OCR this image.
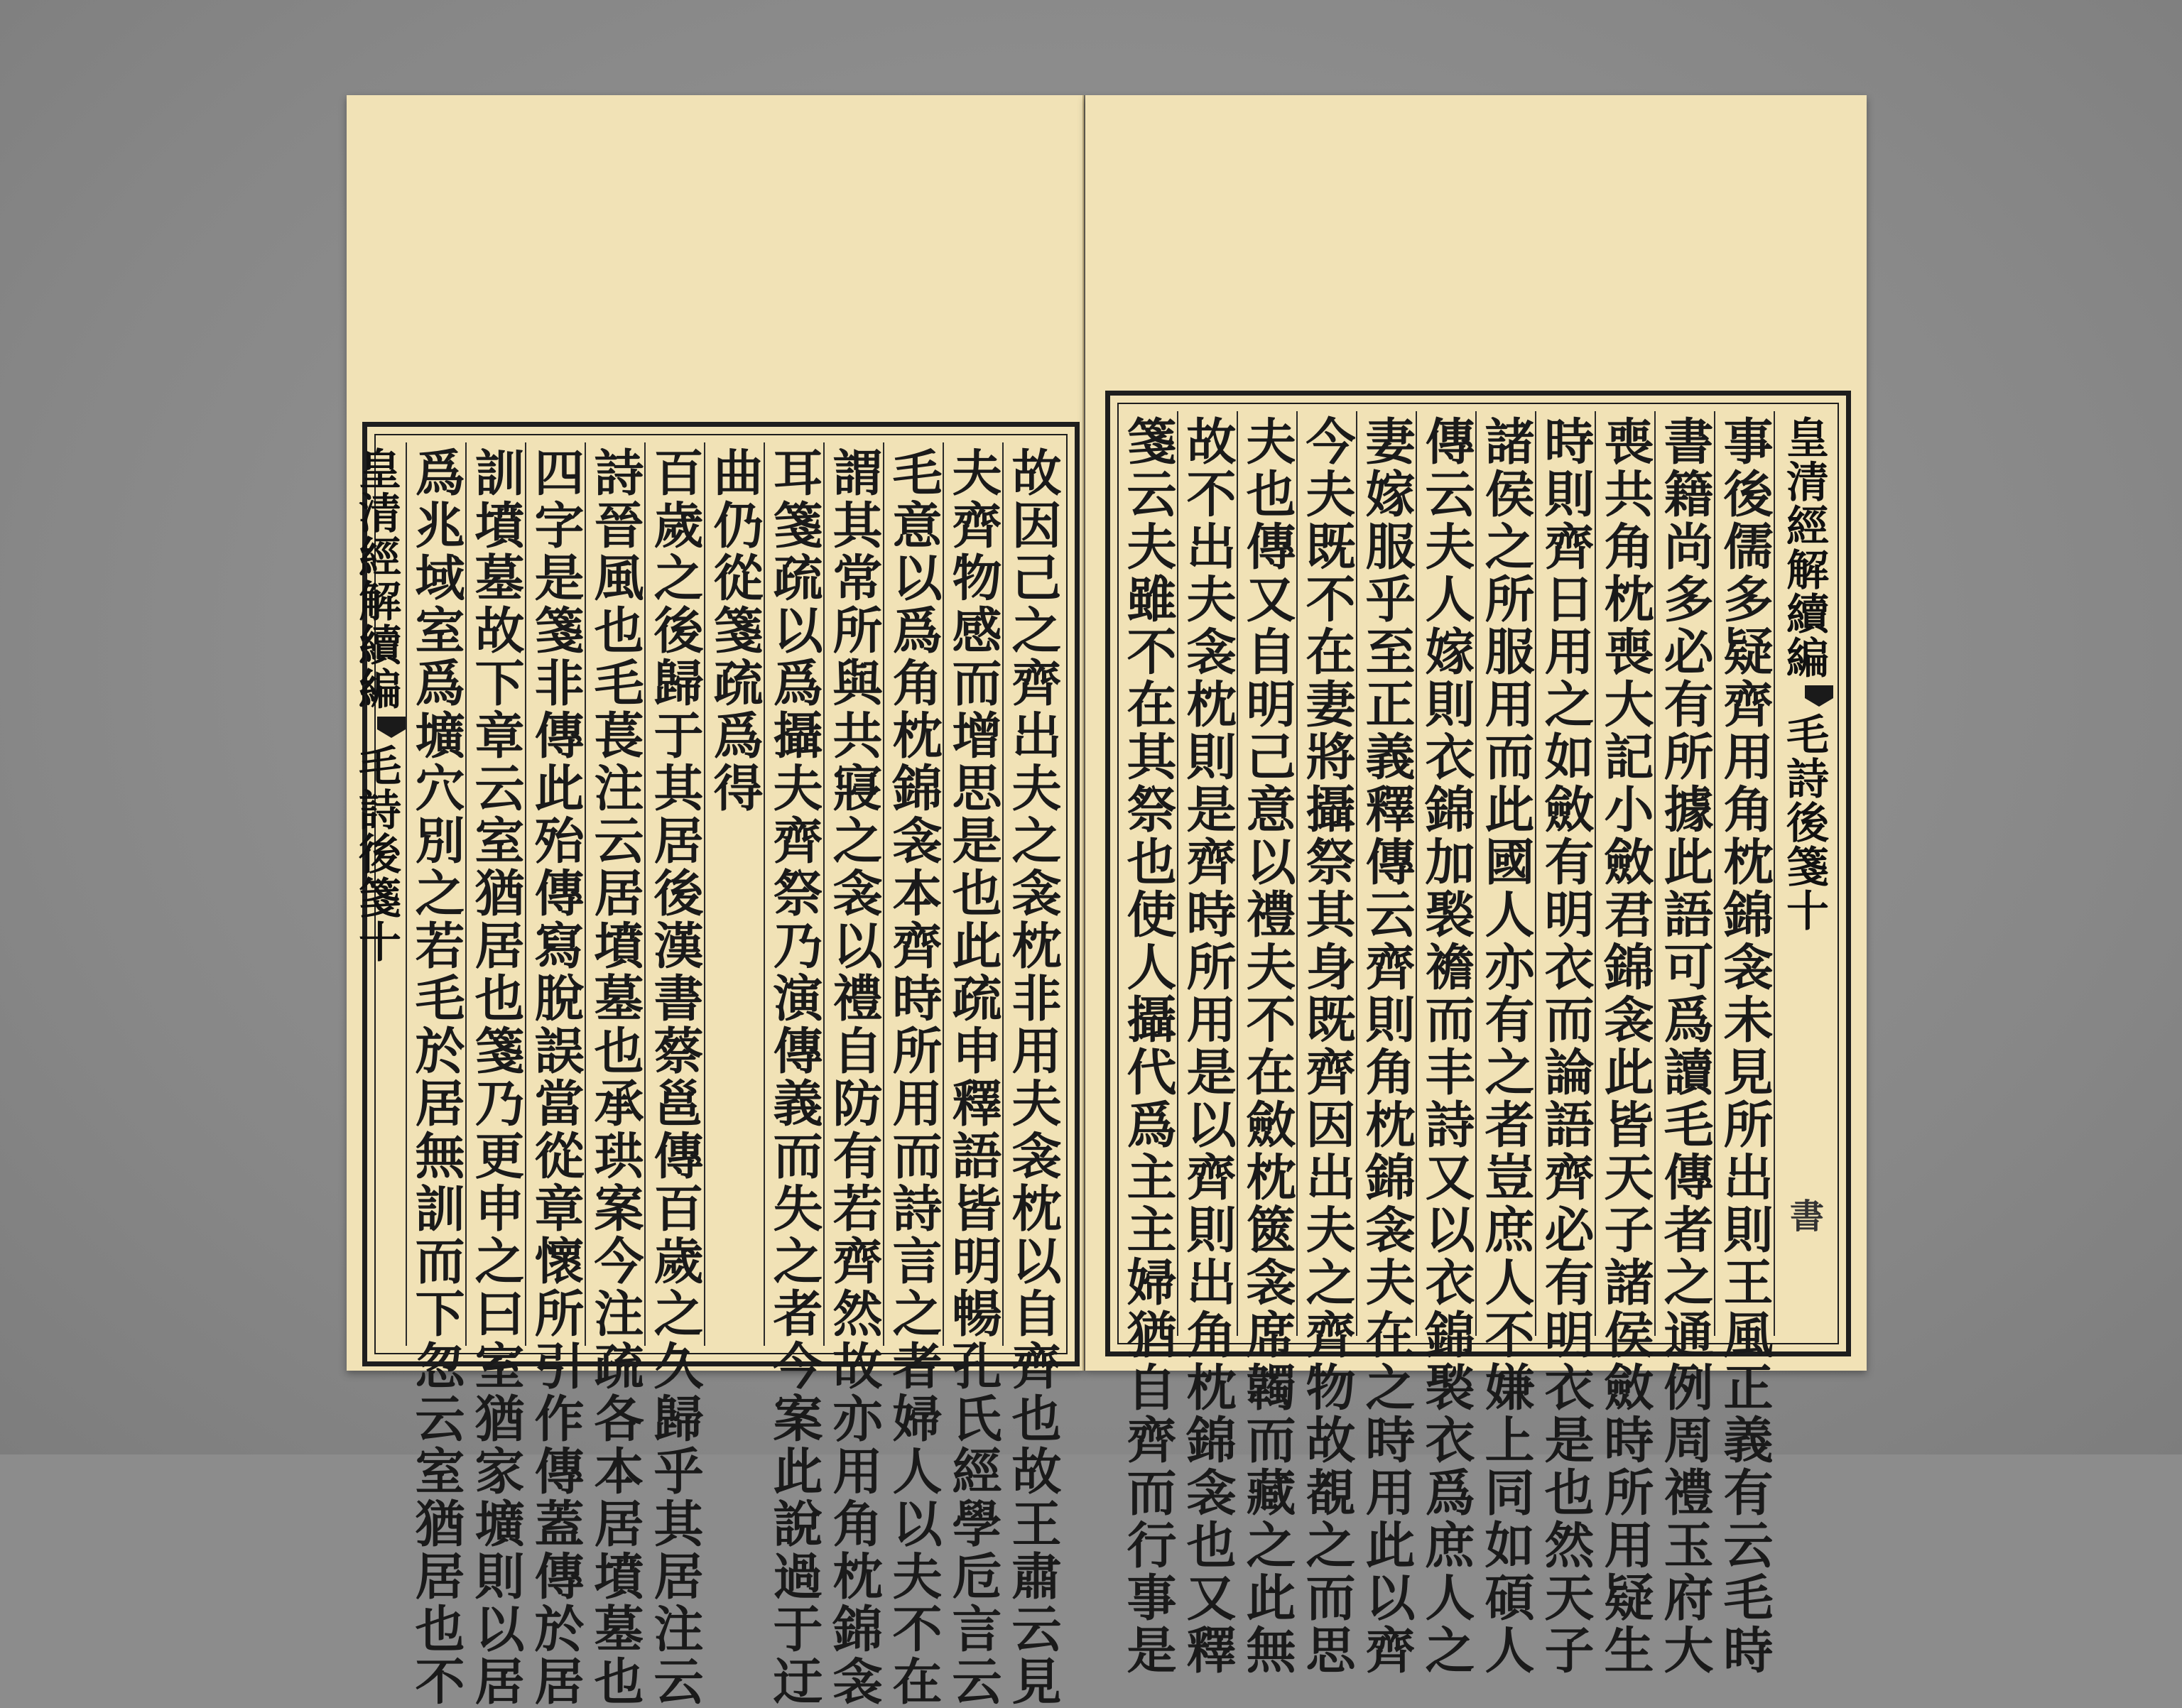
故因己之齊出夫之衾枕非用夫衾枕以自齊也故王肅云見
夫齊物感而增思是也此疏申釋語皆明暢孔氏經學卮言云
毛意以爲角枕錦衾本齊時所用而詩言之者婦人以夫不在
謂其常所與共寢之衾以禮自防有若齊然故亦用角枕錦衾
耳箋疏以爲攝夫齊祭乃演傳義而失之者今案此說過于迂
曲仍從箋疏爲得
百歲之後歸于其居後漢書蔡邕傳百歲之久歸乎其居注云
詩晉風也毛萇注云居墳墓也承珙案今注疏各本居墳墓也
四字是箋非傳此殆傳寫脫誤當從章懷所引作傳蓋傳於居
訓墳墓故下章云室猶居也箋乃更申之曰室猶家壙則以居
爲兆域室爲壙穴別之若毛於居無訓而下忽云室猶居也不
皇清經解續編
毛詩後箋十
皇清經解續編
毛詩後箋十
事後儒多疑齊用角枕錦衾未見所出則王風正義有云毛時
書籍尚多必有所據此語可爲讀毛傳者之通例周禮玉府大
喪共角枕喪大記小斂君錦衾此皆天子諸侯斂時所用疑生
時則齊日用之如斂有明衣而論語齊必有明衣是也然天子
諸侯之所服用而此國人亦有之者豈庶人不嫌上同如碩人
傳云夫人嫁則衣錦加褧襜而丰詩又以衣錦褧衣爲庶人之
妻嫁服乎至正義釋傳云齊則角枕錦衾夫在之時用此以齊
今夫既不在妻將攝祭其身既齊因出夫之齊物故覩之而思
夫也傳又自明己意以禮夫不在斂枕篋衾席韣而藏之此無
故不出夫衾枕則是齊時所用是以齊則出角枕錦衾也又釋
箋云夫雖不在其祭也使人攝代爲主主婦猶自齊而行事是	書
